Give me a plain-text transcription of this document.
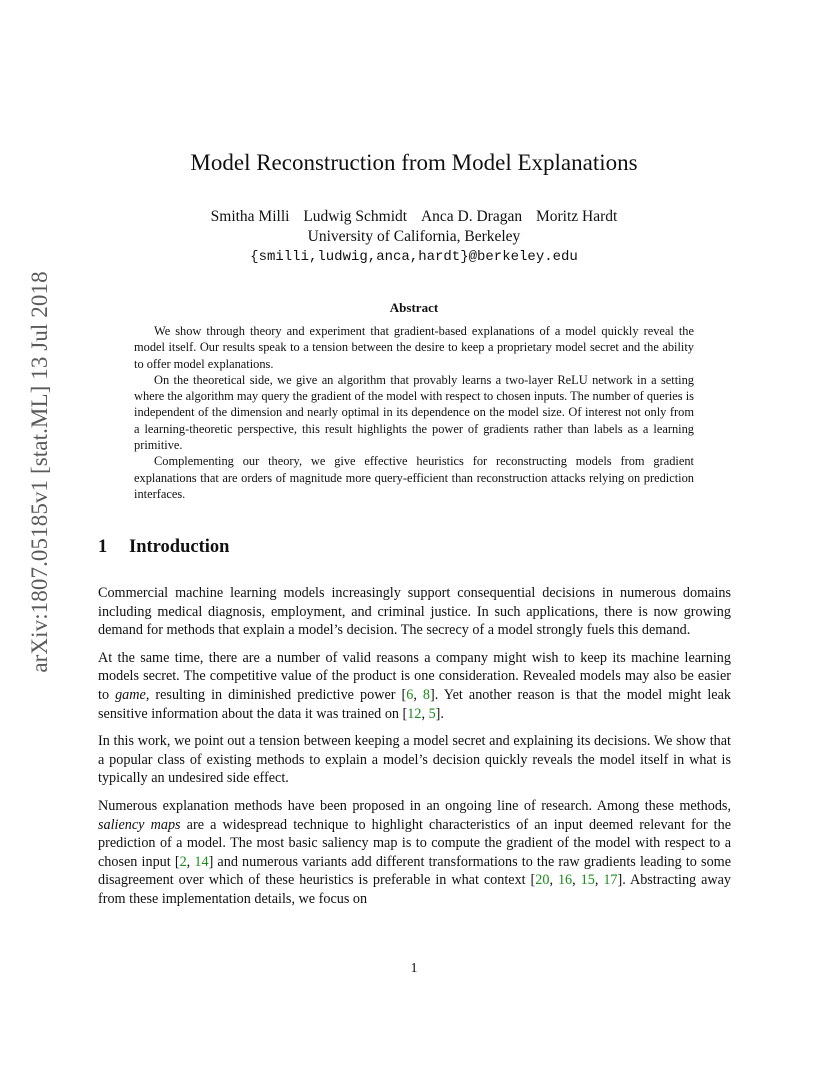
arXiv:1807.05185v1 [stat.ML] 13 Jul 2018
Model Reconstruction from Model Explanations
Smitha Milli Ludwig Schmidt Anca D. Dragan Moritz Hardt
University of California, Berkeley
{smilli,ludwig,anca,hardt}@berkeley.edu
Abstract

We show through theory and experiment that gradient-based explanations of a model quickly reveal the model itself. Our results speak to a tension between the desire to keep a proprietary model secret and the ability to offer model explanations.

On the theoretical side, we give an algorithm that provably learns a two-layer ReLU network in a setting where the algorithm may query the gradient of the model with respect to chosen inputs. The number of queries is independent of the dimension and nearly optimal in its dependence on the model size. Of interest not only from a learning-theoretic perspective, this result highlights the power of gradients rather than labels as a learning primitive.

Complementing our theory, we give effective heuristics for reconstructing models from gradient explanations that are orders of magnitude more query-efficient than reconstruction attacks relying on prediction interfaces.

1 Introduction

Commercial machine learning models increasingly support consequential decisions in numerous domains including medical diagnosis, employment, and criminal justice. In such applications, there is now growing demand for methods that explain a model’s decision. The secrecy of a model strongly fuels this demand.

At the same time, there are a number of valid reasons a company might wish to keep its machine learning models secret. The competitive value of the product is one consideration. Revealed models may also be easier to game, resulting in diminished predictive power [6, 8]. Yet another reason is that the model might leak sensitive information about the data it was trained on [12, 5].

In this work, we point out a tension between keeping a model secret and explaining its decisions. We show that a popular class of existing methods to explain a model’s decision quickly reveals the model itself in what is typically an undesired side effect.

Numerous explanation methods have been proposed in an ongoing line of research. Among these methods, saliency maps are a widespread technique to highlight characteristics of an input deemed relevant for the prediction of a model. The most basic saliency map is to compute the gradient of the model with respect to a chosen input [2, 14] and numerous variants add different transformations to the raw gradients leading to some disagreement over which of these heuristics is preferable in what context [20, 16, 15, 17]. Abstracting away from these implementation details, we focus on

1
